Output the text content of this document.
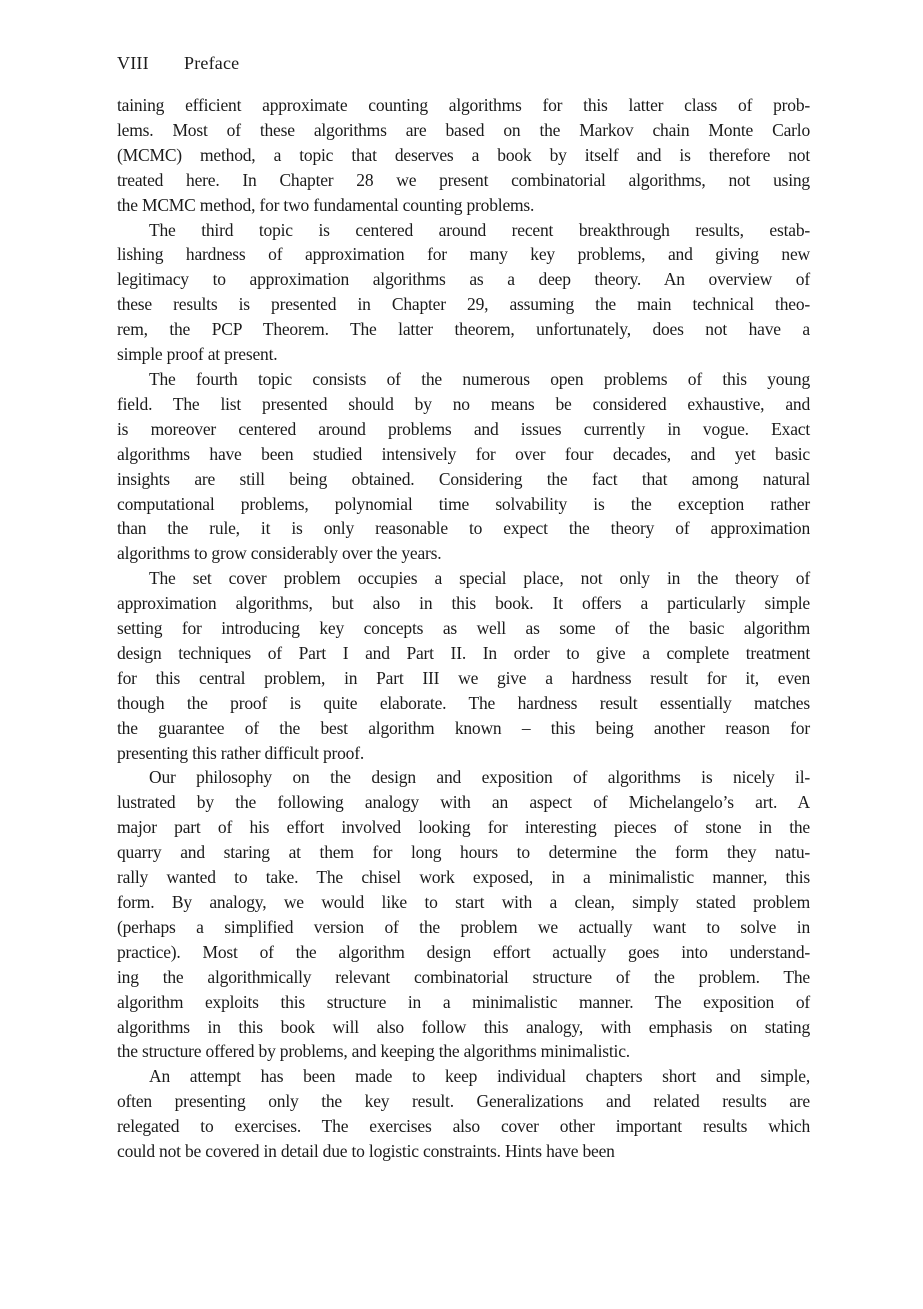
VIII Preface
taining efficient approximate counting algorithms for this latter class of prob-
lems. Most of these algorithms are based on the Markov chain Monte Carlo
(MCMC) method, a topic that deserves a book by itself and is therefore not
treated here. In Chapter 28 we present combinatorial algorithms, not using
the MCMC method, for two fundamental counting problems.
The third topic is centered around recent breakthrough results, estab-
lishing hardness of approximation for many key problems, and giving new
legitimacy to approximation algorithms as a deep theory. An overview of
these results is presented in Chapter 29, assuming the main technical theo-
rem, the PCP Theorem. The latter theorem, unfortunately, does not have a
simple proof at present.
The fourth topic consists of the numerous open problems of this young
field. The list presented should by no means be considered exhaustive, and
is moreover centered around problems and issues currently in vogue. Exact
algorithms have been studied intensively for over four decades, and yet basic
insights are still being obtained. Considering the fact that among natural
computational problems, polynomial time solvability is the exception rather
than the rule, it is only reasonable to expect the theory of approximation
algorithms to grow considerably over the years.
The set cover problem occupies a special place, not only in the theory of
approximation algorithms, but also in this book. It offers a particularly simple
setting for introducing key concepts as well as some of the basic algorithm
design techniques of Part I and Part II. In order to give a complete treatment
for this central problem, in Part III we give a hardness result for it, even
though the proof is quite elaborate. The hardness result essentially matches
the guarantee of the best algorithm known – this being another reason for
presenting this rather difficult proof.
Our philosophy on the design and exposition of algorithms is nicely il-
lustrated by the following analogy with an aspect of Michelangelo’s art. A
major part of his effort involved looking for interesting pieces of stone in the
quarry and staring at them for long hours to determine the form they natu-
rally wanted to take. The chisel work exposed, in a minimalistic manner, this
form. By analogy, we would like to start with a clean, simply stated problem
(perhaps a simplified version of the problem we actually want to solve in
practice). Most of the algorithm design effort actually goes into understand-
ing the algorithmically relevant combinatorial structure of the problem. The
algorithm exploits this structure in a minimalistic manner. The exposition of
algorithms in this book will also follow this analogy, with emphasis on stating
the structure offered by problems, and keeping the algorithms minimalistic.
An attempt has been made to keep individual chapters short and simple,
often presenting only the key result. Generalizations and related results are
relegated to exercises. The exercises also cover other important results which
could not be covered in detail due to logistic constraints. Hints have been
